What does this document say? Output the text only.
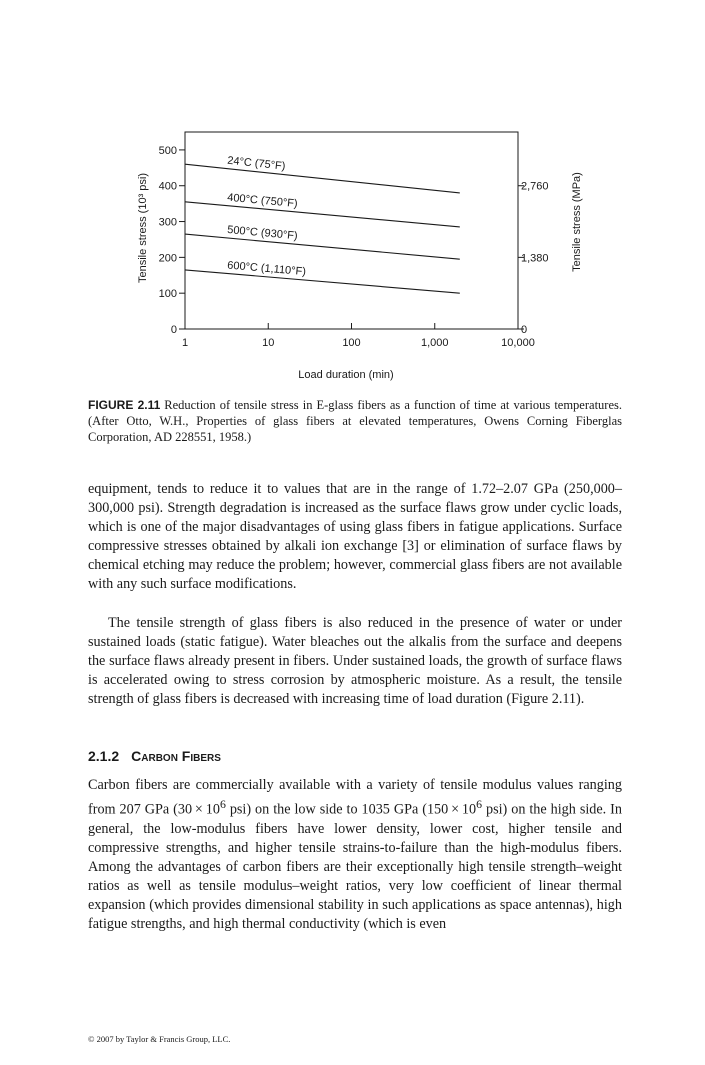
0
100
200
300
400
500
0
1,380
2,760
1	10	100	1,000	10,000
24°C (75°F)
400°C (750°F)
500°C (930°F)
600°C (1,110°F)
Load duration (min)
Tensile stress (10³ psi)	Tensile stress (MPa)
FIGURE 2.11 Reduction of tensile stress in E-glass fibers as a function of time at various temperatures. (After Otto, W.H., Properties of glass fibers at elevated temperatures, Owens Corning Fiberglas Corporation, AD 228551, 1958.)

equipment, tends to reduce it to values that are in the range of 1.72–2.07 GPa (250,000–300,000 psi). Strength degradation is increased as the surface flaws grow under cyclic loads, which is one of the major disadvantages of using glass fibers in fatigue applications. Surface compressive stresses obtained by alkali ion exchange [3] or elimination of surface flaws by chemical etching may reduce the problem; however, commercial glass fibers are not available with any such surface modifications.

The tensile strength of glass fibers is also reduced in the presence of water or under sustained loads (static fatigue). Water bleaches out the alkalis from the surface and deepens the surface flaws already present in fibers. Under sustained loads, the growth of surface flaws is accelerated owing to stress corrosion by atmospheric moisture. As a result, the tensile strength of glass fibers is decreased with increasing time of load duration (Figure 2.11).

2.1.2 Carbon Fibers

Carbon fibers are commercially available with a variety of tensile modulus values ranging from 207 GPa ($30 \times 10^6$ psi) on the low side to 1035 GPa ($150 \times 10^6$ psi) on the high side. In general, the low-modulus fibers have lower density, lower cost, higher tensile and compressive strengths, and higher tensile strains-to-failure than the high-modulus fibers. Among the advantages of carbon fibers are their exceptionally high tensile strength–weight ratios as well as tensile modulus–weight ratios, very low coefficient of linear thermal expansion (which provides dimensional stability in such applications as space antennas), high fatigue strengths, and high thermal conductivity (which is even

© 2007 by Taylor & Francis Group, LLC.
